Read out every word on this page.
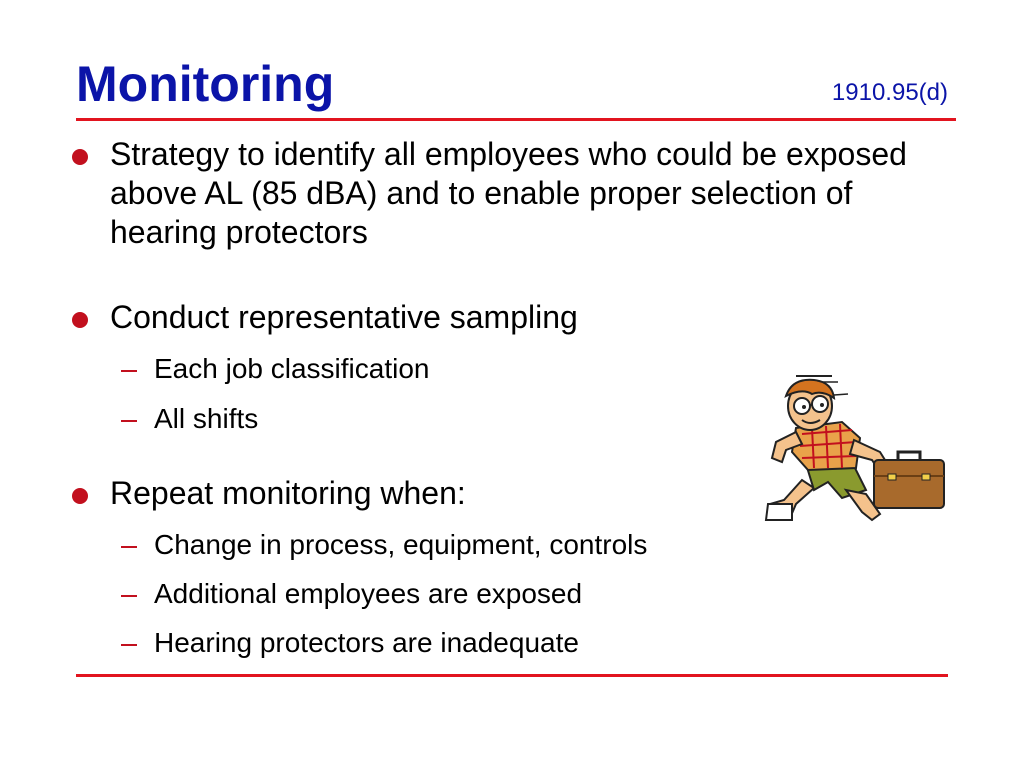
Monitoring	1910.95(d)
Strategy to identify all employees who could be exposed above AL (85 dBA) and to enable proper selection of hearing protectors
Conduct representative sampling
Each job classification
All shifts
Repeat monitoring when:
Change in process, equipment, controls
Additional employees are exposed
Hearing protectors are inadequate
